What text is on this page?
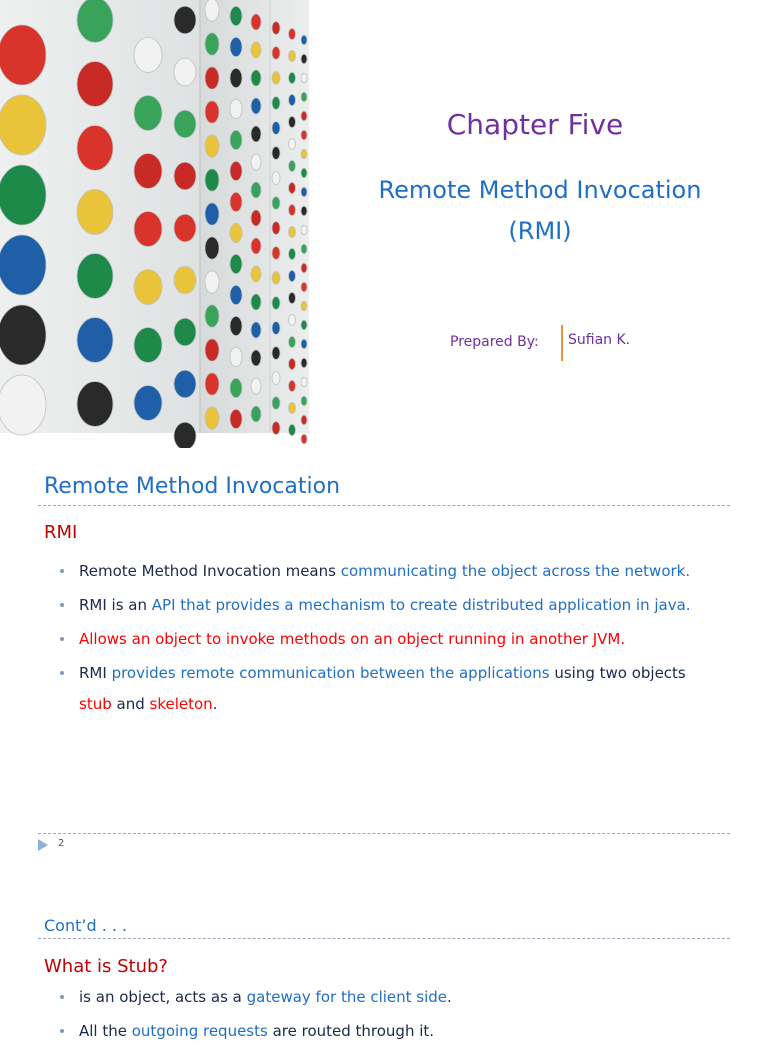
Chapter Five
Remote Method Invocation
(RMI)
Prepared By: Sufian K.
Remote Method Invocation
RMI
Remote Method Invocation means communicating the object across the network.
RMI is an API that provides a mechanism to create distributed application in java.
Allows an object to invoke methods on an object running in another JVM.
RMI provides remote communication between the applications using two objects stub and skeleton.
2
Cont’d . . .
What is Stub?
is an object, acts as a gateway for the client side.
All the outgoing requests are routed through it.
